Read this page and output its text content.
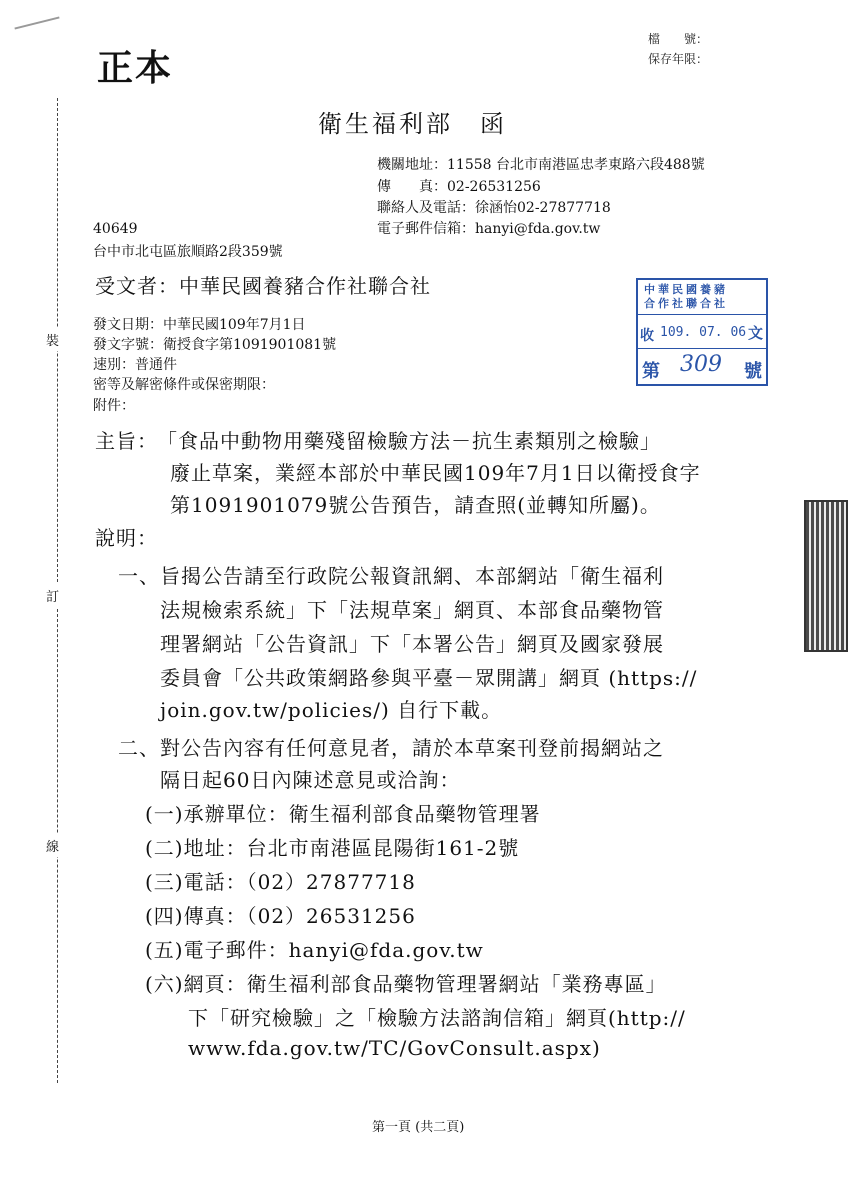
正本
檔　　號：
保存年限：
衛生福利部　函
機關地址：11558 台北市南港區忠孝東路六段488號
傳　　真：02-26531256
聯絡人及電話：徐涵怡02-27877718
電子郵件信箱：hanyi@fda.gov.tw
40649
台中市北屯區旅順路2段359號
受文者：中華民國養豬合作社聯合社
發文日期：中華民國109年7月1日
發文字號：衛授食字第1091901081號
速別：普通件
密等及解密條件或保密期限：
附件：
裝
訂
線
中華民國養豬
合作社聯合社
收 109. 07. 06 文
第 309 號
主旨： 「食品中動物用藥殘留檢驗方法－抗生素類別之檢驗」
廢止草案，業經本部於中華民國109年7月1日以衛授食字
第1091901079號公告預告，請查照(並轉知所屬)。
說明：
一、旨揭公告請至行政院公報資訊網、本部網站「衛生福利
法規檢索系統」下「法規草案」網頁、本部食品藥物管
理署網站「公告資訊」下「本署公告」網頁及國家發展
委員會「公共政策網路參與平臺－眾開講」網頁 (https://
join.gov.tw/policies/) 自行下載。
二、對公告內容有任何意見者，請於本草案刊登前揭網站之
隔日起60日內陳述意見或洽詢：
(一)承辦單位：衛生福利部食品藥物管理署
(二)地址：台北市南港區昆陽街161-2號
(三)電話：（02）27877718
(四)傳真：（02）26531256
(五)電子郵件：hanyi@fda.gov.tw
(六)網頁：衛生福利部食品藥物管理署網站「業務專區」
下「研究檢驗」之「檢驗方法諮詢信箱」網頁(http://
www.fda.gov.tw/TC/GovConsult.aspx)
第一頁 (共二頁)
